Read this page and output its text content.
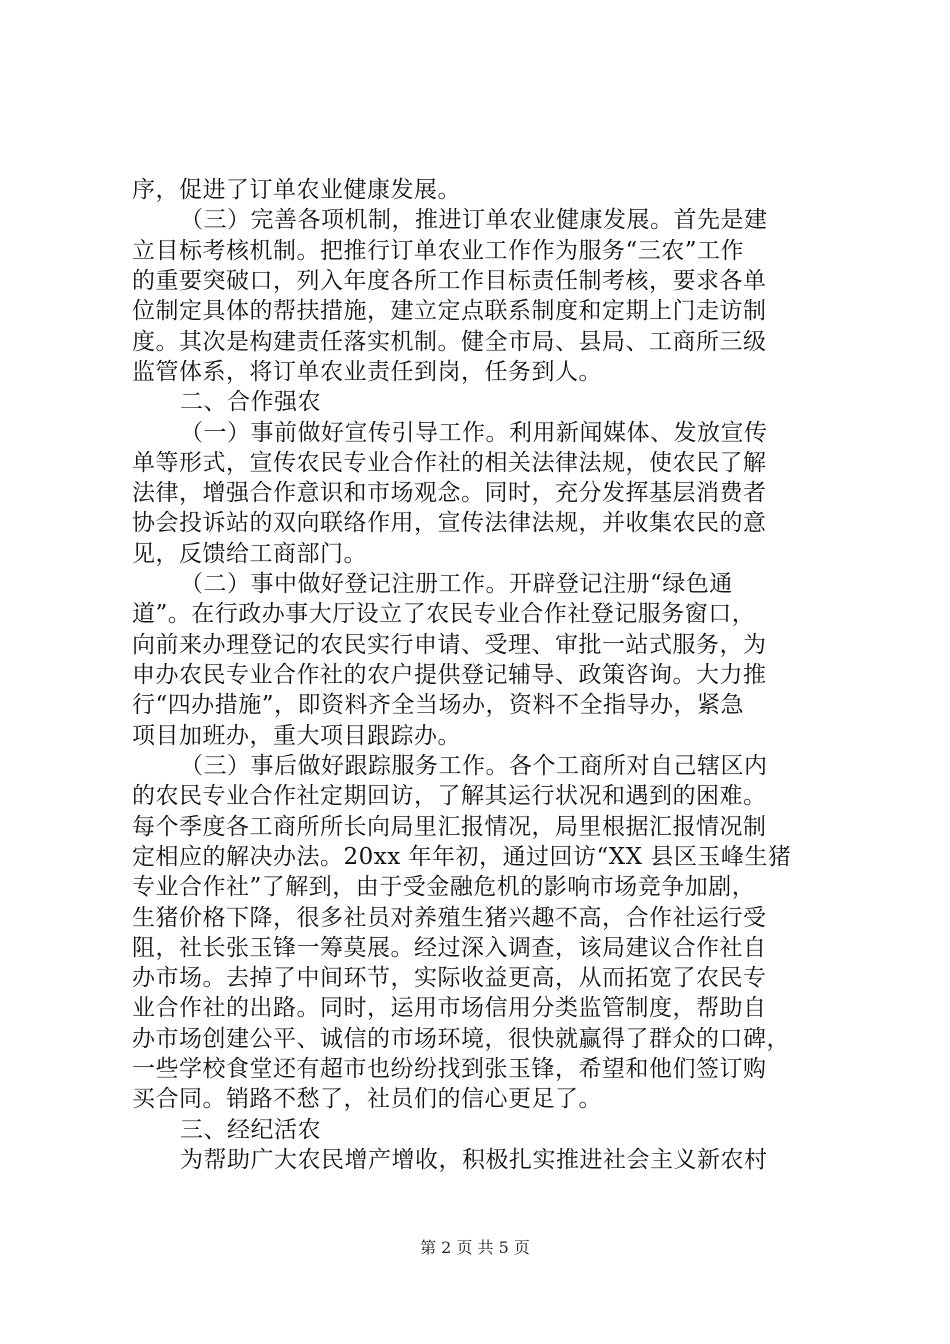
序，促进了订单农业健康发展。
（三）完善各项机制，推进订单农业健康发展。首先是建
立目标考核机制。把推行订单农业工作作为服务“三农”工作
的重要突破口，列入年度各所工作目标责任制考核，要求各单
位制定具体的帮扶措施，建立定点联系制度和定期上门走访制
度。其次是构建责任落实机制。健全市局、县局、工商所三级
监管体系，将订单农业责任到岗，任务到人。
二、合作强农
（一）事前做好宣传引导工作。利用新闻媒体、发放宣传
单等形式，宣传农民专业合作社的相关法律法规，使农民了解
法律，增强合作意识和市场观念。同时，充分发挥基层消费者
协会投诉站的双向联络作用，宣传法律法规，并收集农民的意
见，反馈给工商部门。
（二）事中做好登记注册工作。开辟登记注册“绿色通
道”。在行政办事大厅设立了农民专业合作社登记服务窗口，
向前来办理登记的农民实行申请、受理、审批一站式服务，为
申办农民专业合作社的农户提供登记辅导、政策咨询。大力推
行“四办措施”，即资料齐全当场办，资料不全指导办，紧急
项目加班办，重大项目跟踪办。
（三）事后做好跟踪服务工作。各个工商所对自己辖区内
的农民专业合作社定期回访，了解其运行状况和遇到的困难。
每个季度各工商所所长向局里汇报情况，局里根据汇报情况制
定相应的解决办法。20xx 年年初，通过回访“XX 县区玉峰生猪
专业合作社”了解到，由于受金融危机的影响市场竞争加剧，
生猪价格下降，很多社员对养殖生猪兴趣不高，合作社运行受
阻，社长张玉锋一筹莫展。经过深入调查，该局建议合作社自
办市场。去掉了中间环节，实际收益更高，从而拓宽了农民专
业合作社的出路。同时，运用市场信用分类监管制度，帮助自
办市场创建公平、诚信的市场环境，很快就赢得了群众的口碑，
一些学校食堂还有超市也纷纷找到张玉锋，希望和他们签订购
买合同。销路不愁了，社员们的信心更足了。
三、经纪活农
为帮助广大农民增产增收，积极扎实推进社会主义新农村
第 2 页 共 5 页
